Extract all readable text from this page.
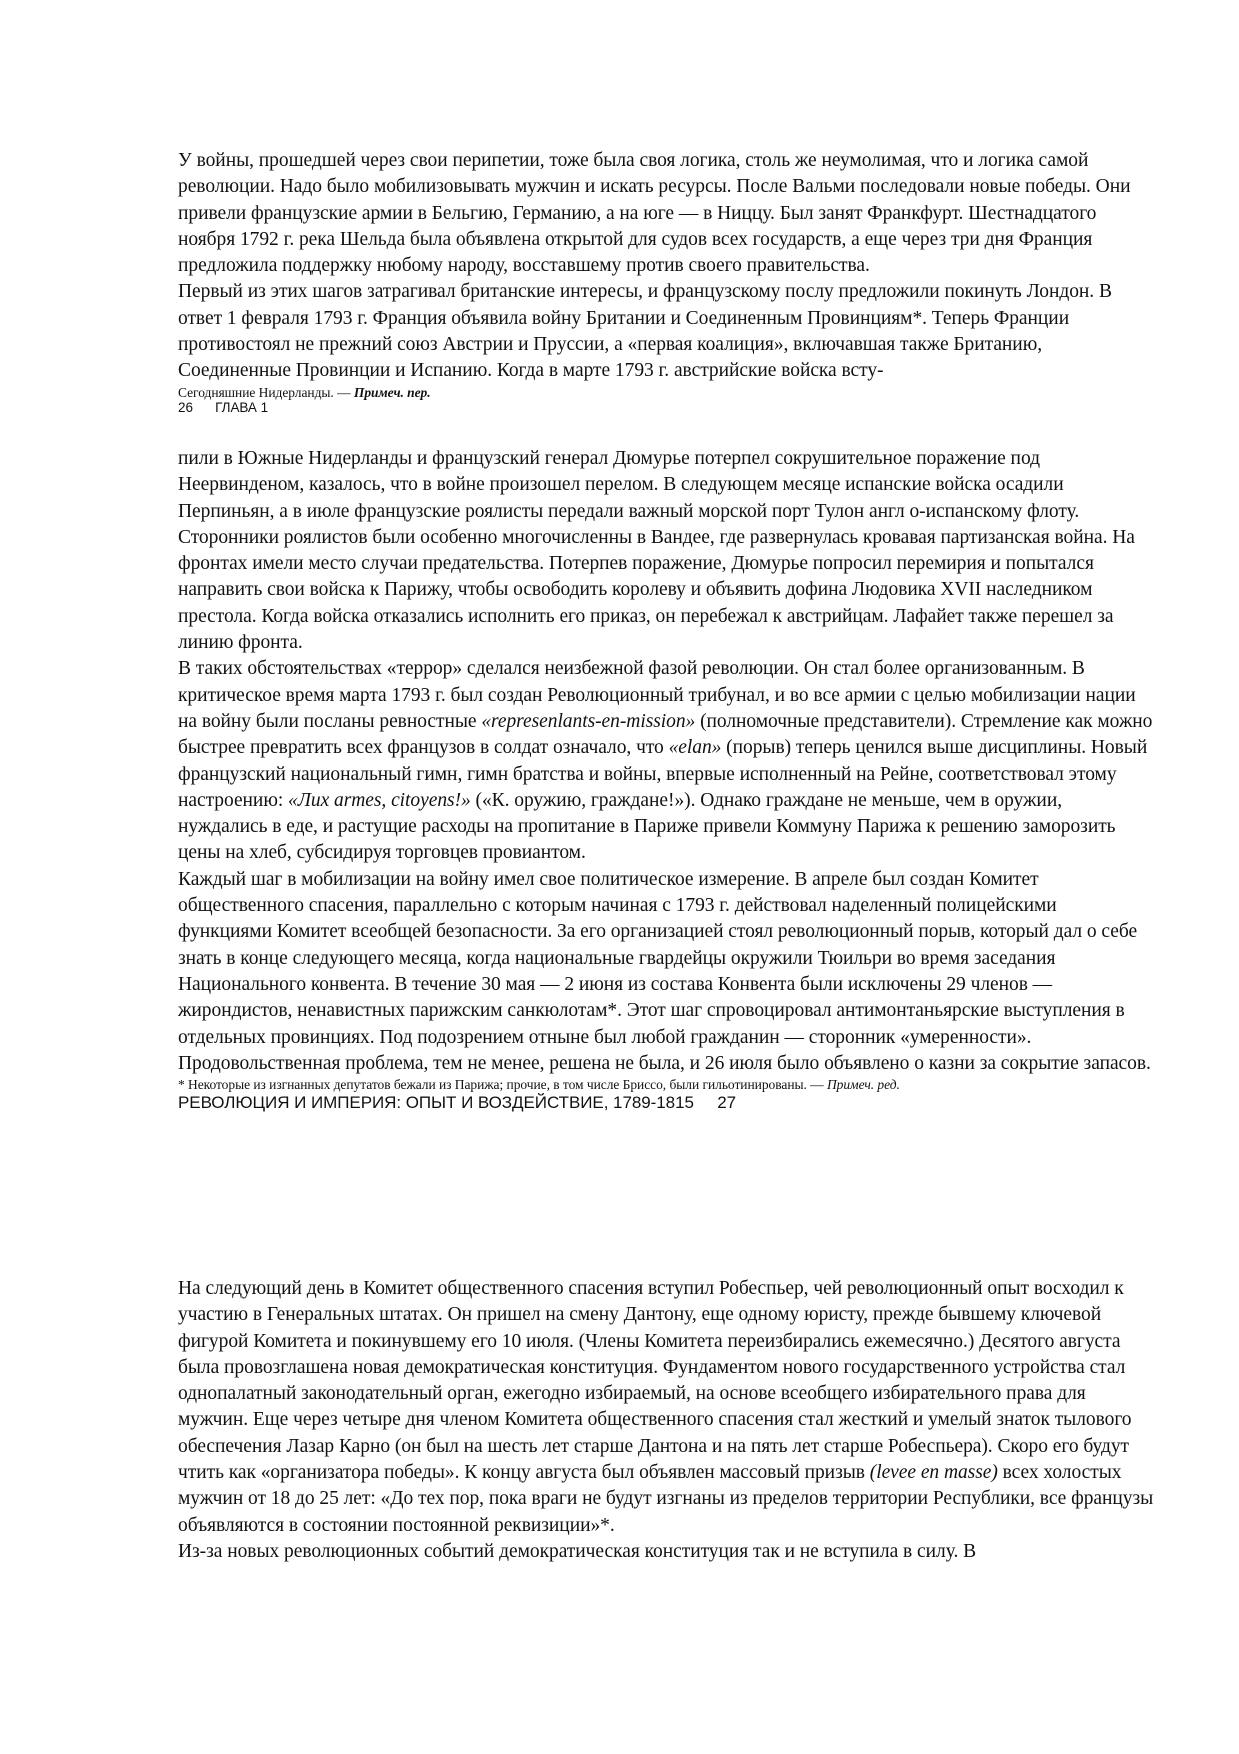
У войны, прошедшей через свои перипетии, тоже была своя логика, столь же неумолимая, что и логика самой революции. Надо было мобилизовывать мужчин и искать ресурсы. После Вальми последовали новые победы. Они привели французские армии в Бельгию, Германию, а на юге — в Ниццу. Был занят Франкфурт. Шестнадцатого ноября 1792 г. река Шельда была объявлена открытой для судов всех государств, а еще через три дня Франция предложила поддержку нюбому народу, восставшему против своего правительства.

Первый из этих шагов затрагивал британские интересы, и французскому послу предложили покинуть Лондон. В ответ 1 февраля 1793 г. Франция объявила войну Британии и Соединенным Провинциям*. Теперь Франции противостоял не прежний союз Австрии и Пруссии, а «первая коалиция», включавшая также Британию, Соединенные Провинции и Испанию. Когда в марте 1793 г. австрийские войска всту-

Сегодняшние Нидерланды. — Примеч. пер.

26 ГЛАВА 1

пили в Южные Нидерланды и французский генерал Дюмурье потерпел сокрушительное поражение под Неервинденом, казалось, что в войне произошел перелом. В следующем месяце испанские войска осадили Перпиньян, а в июле французские роялисты передали важный морской порт Тулон англ о-испанскому флоту. Сторонники роялистов были особенно многочисленны в Вандее, где развернулась кровавая партизанская война. На фронтах имели место случаи предательства. Потерпев поражение, Дюмурье попросил перемирия и попытался направить свои войска к Парижу, чтобы освободить королеву и объявить дофина Людовика XVII наследником престола. Когда войска отказались исполнить его приказ, он перебежал к австрийцам. Лафайет также перешел за линию фронта.

В таких обстоятельствах «террор» сделался неизбежной фазой революции. Он стал более организованным. В критическое время марта 1793 г. был создан Революционный трибунал, и во все армии с целью мобилизации нации на войну были посланы ревностные «represenlants-en-mission» (полномочные представители). Стремление как можно быстрее превратить всех французов в солдат означало, что «elan» (порыв) теперь ценился выше дисциплины. Новый французский национальный гимн, гимн братства и войны, впервые исполненный на Рейне, соответствовал этому настроению: «Лих armes, citoyens!» («К. оружию, граждане!»). Однако граждане не меньше, чем в оружии, нуждались в еде, и растущие расходы на пропитание в Париже привели Коммуну Парижа к решению заморозить цены на хлеб, субсидируя торговцев провиантом.

Каждый шаг в мобилизации на войну имел свое политическое измерение. В апреле был создан Комитет общественного спасения, параллельно с которым начиная с 1793 г. действовал наделенный полицейскими функциями Комитет всеобщей безопасности. За его организацией стоял революционный порыв, который дал о себе знать в конце следующего месяца, когда национальные гвардейцы окружили Тюильри во время заседания Национального конвента. В течение 30 мая — 2 июня из состава Конвента были исключены 29 членов — жирондистов, ненавистных парижским санкюлотам*. Этот шаг спровоцировал антимонтаньярские выступления в отдельных провинциях. Под подозрением отныне был любой гражданин — сторонник «умеренности». Продовольственная проблема, тем не менее, решена не была, и 26 июля было объявлено о казни за сокрытие запасов.

* Некоторые из изгнанных депутатов бежали из Парижа; прочие, в том числе Бриссо, были гильотинированы. — Примеч. ред.

РЕВОЛЮЦИЯ И ИМПЕРИЯ: ОПЫТ И ВОЗДЕЙСТВИЕ, 1789-1815 27

На следующий день в Комитет общественного спасения вступил Робеспьер, чей революционный опыт восходил к участию в Генеральных штатах. Он пришел на смену Дантону, еще одному юристу, прежде бывшему ключевой фигурой Комитета и покинувшему его 10 июля. (Члены Комитета переизбирались ежемесячно.) Десятого августа была провозглашена новая демократическая конституция. Фундаментом нового государственного устройства стал однопалатный законодательный орган, ежегодно избираемый, на основе всеобщего избирательного права для мужчин. Еще через четыре дня членом Комитета общественного спасения стал жесткий и умелый знаток тылового обеспечения Лазар Карно (он был на шесть лет старше Дантона и на пять лет старше Робеспьера). Скоро его будут чтить как «организатора победы». К концу августа был объявлен массовый призыв (levee en masse) всех холостых мужчин от 18 до 25 лет: «До тех пор, пока враги не будут изгнаны из пределов территории Республики, все французы объявляются в состоянии постоянной реквизиции»*.

Из-за новых революционных событий демократическая конституция так и не вступила в силу. В
